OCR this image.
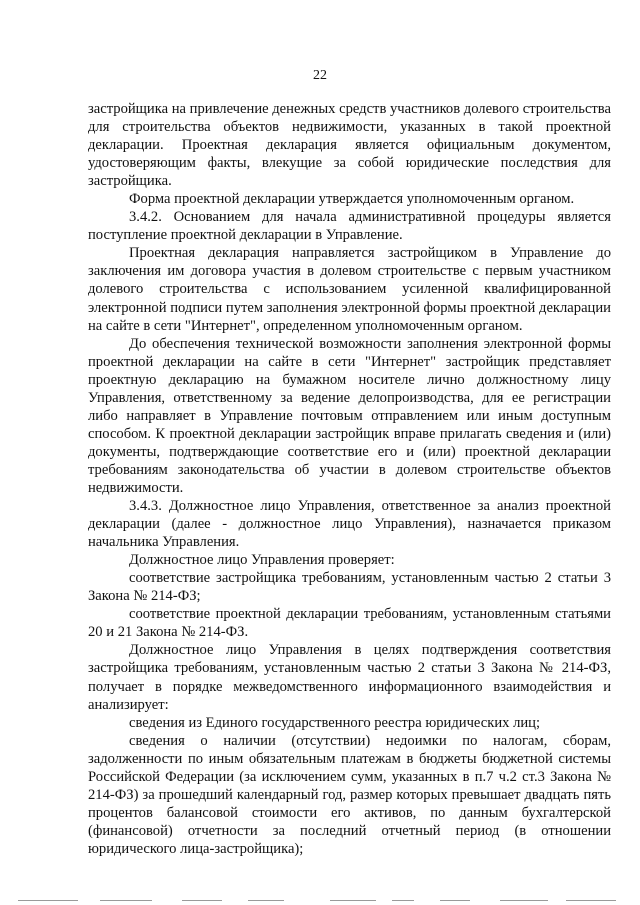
22

застройщика на привлечение денежных средств участников долевого строительства для строительства объектов недвижимости, указанных в такой проектной декларации. Проектная декларация является официальным документом, удостоверяющим факты, влекущие за собой юридические последствия для застройщика.

Форма проектной декларации утверждается уполномоченным органом.

3.4.2. Основанием для начала административной процедуры является поступление проектной декларации в Управление.

Проектная декларация направляется застройщиком в Управление до заключения им договора участия в долевом строительстве с первым участником долевого строительства с использованием усиленной квалифицированной электронной подписи путем заполнения электронной формы проектной декларации на сайте в сети "Интернет", определенном уполномоченным органом.

До обеспечения технической возможности заполнения электронной формы проектной декларации на сайте в сети "Интернет" застройщик представляет проектную декларацию на бумажном носителе лично должностному лицу Управления, ответственному за ведение делопроизводства, для ее регистрации либо направляет в Управление почтовым отправлением или иным доступным способом. К проектной декларации застройщик вправе прилагать сведения и (или) документы, подтверждающие соответствие его и (или) проектной декларации требованиям законодательства об участии в долевом строительстве объектов недвижимости.

3.4.3. Должностное лицо Управления, ответственное за анализ проектной декларации (далее - должностное лицо Управления), назначается приказом начальника Управления.

Должностное лицо Управления проверяет:

соответствие застройщика требованиям, установленным частью 2 статьи 3 Закона № 214-ФЗ;

соответствие проектной декларации требованиям, установленным статьями 20 и 21 Закона № 214-ФЗ.

Должностное лицо Управления в целях подтверждения соответствия застройщика требованиям, установленным частью 2 статьи 3 Закона № 214-ФЗ, получает в порядке межведомственного информационного взаимодействия и анализирует:

сведения из Единого государственного реестра юридических лиц;

сведения о наличии (отсутствии) недоимки по налогам, сборам, задолженности по иным обязательным платежам в бюджеты бюджетной системы Российской Федерации (за исключением сумм, указанных в п.7 ч.2 ст.3 Закона № 214-ФЗ) за прошедший календарный год, размер которых превышает двадцать пять процентов балансовой стоимости его активов, по данным бухгалтерской (финансовой) отчетности за последний отчетный период (в отношении юридического лица-застройщика);
